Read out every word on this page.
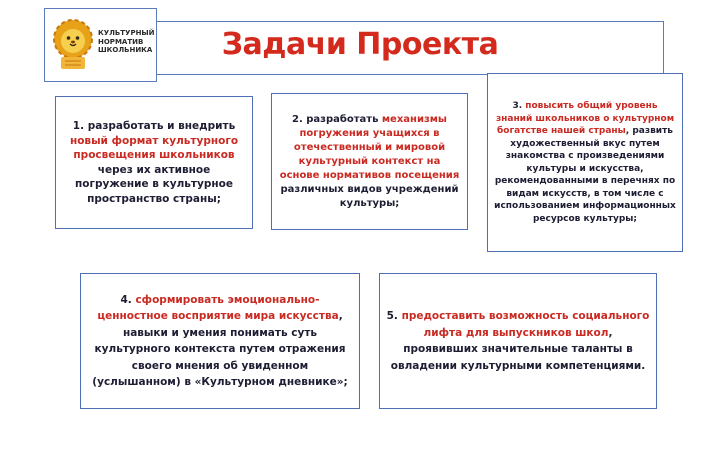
КУЛЬТУРНЫЙ
НОРМАТИВ
ШКОЛЬНИКА	Задачи Проекта

1. разработать и внедрить новый формат культурного просвещения школьников через их активное погружение в культурное пространство страны;

2. разработать механизмы погружения учащихся в отечественный и мировой культурный контекст на основе нормативов посещения различных видов учреждений культуры;

3. повысить общий уровень знаний школьников о культурном богатстве нашей страны, развить художественный вкус путем знакомства с произведениями культуры и искусства, рекомендованными в перечнях по видам искусств, в том числе с использованием информационных ресурсов культуры;

4. сформировать эмоционально-ценностное восприятие мира искусства, навыки и умения понимать суть культурного контекста путем отражения своего мнения об увиденном (услышанном) в «Культурном дневнике»;

5. предоставить возможность социального лифта для выпускников школ, проявивших значительные таланты в овладении культурными компетенциями.
